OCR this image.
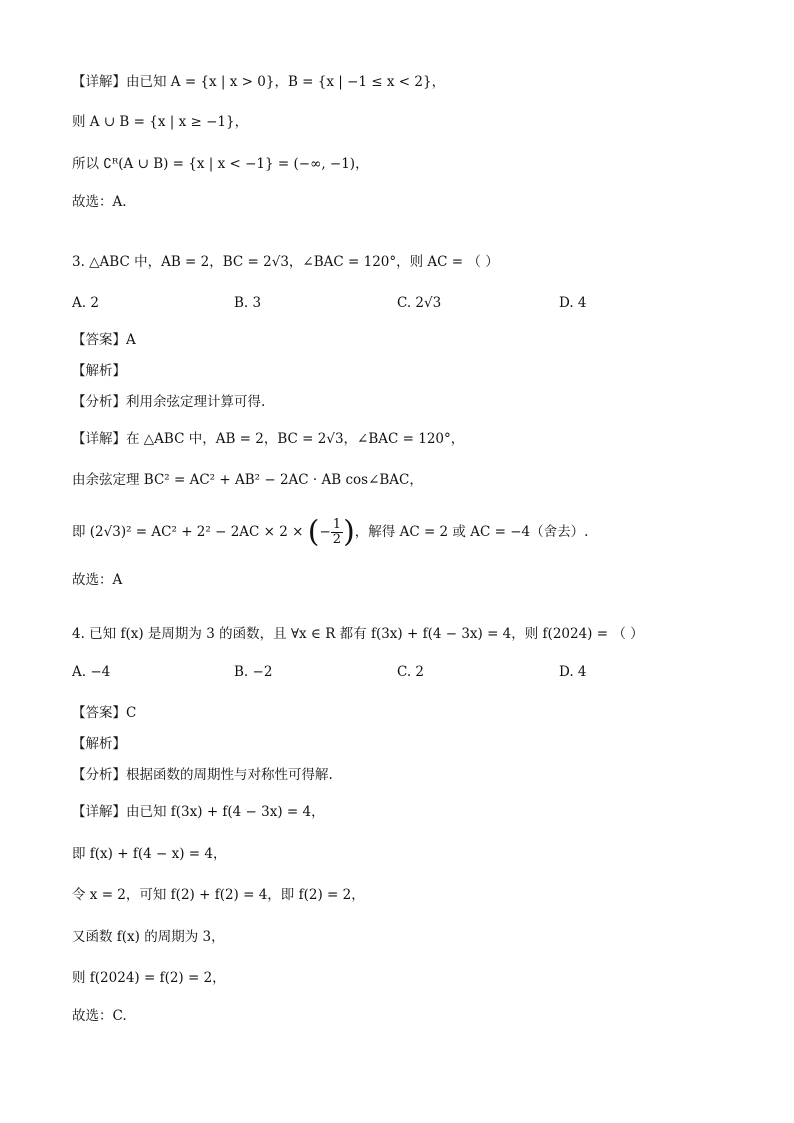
【详解】由已知 A = {x | x > 0}，B = {x | −1 ≤ x < 2}，
则 A ∪ B = {x | x ≥ −1}，
所以 ∁ᴿ(A ∪ B) = {x | x < −1} = (−∞, −1)，
故选：A.
3. △ABC 中，AB = 2，BC = 2√3，∠BAC = 120°，则 AC = （ ）
A. 2	B. 3	C. 2√3	D. 4
【答案】A
【解析】
【分析】利用余弦定理计算可得.
【详解】在 △ABC 中，AB = 2，BC = 2√3，∠BAC = 120°，
由余弦定理 BC² = AC² + AB² − 2AC · AB cos∠BAC，
即 (2√3)² = AC² + 2² − 2AC × 2 × (− $\frac{1}{2}$ )，解得 AC = 2 或 AC = −4（舍去）.
故选：A
4. 已知 f(x) 是周期为 3 的函数，且 ∀x ∈ R 都有 f(3x) + f(4 − 3x) = 4，则 f(2024) = （ ）
A. −4	B. −2	C. 2	D. 4
【答案】C
【解析】
【分析】根据函数的周期性与对称性可得解.
【详解】由已知 f(3x) + f(4 − 3x) = 4，
即 f(x) + f(4 − x) = 4，
令 x = 2，可知 f(2) + f(2) = 4，即 f(2) = 2，
又函数 f(x) 的周期为 3，
则 f(2024) = f(2) = 2，
故选：C.
